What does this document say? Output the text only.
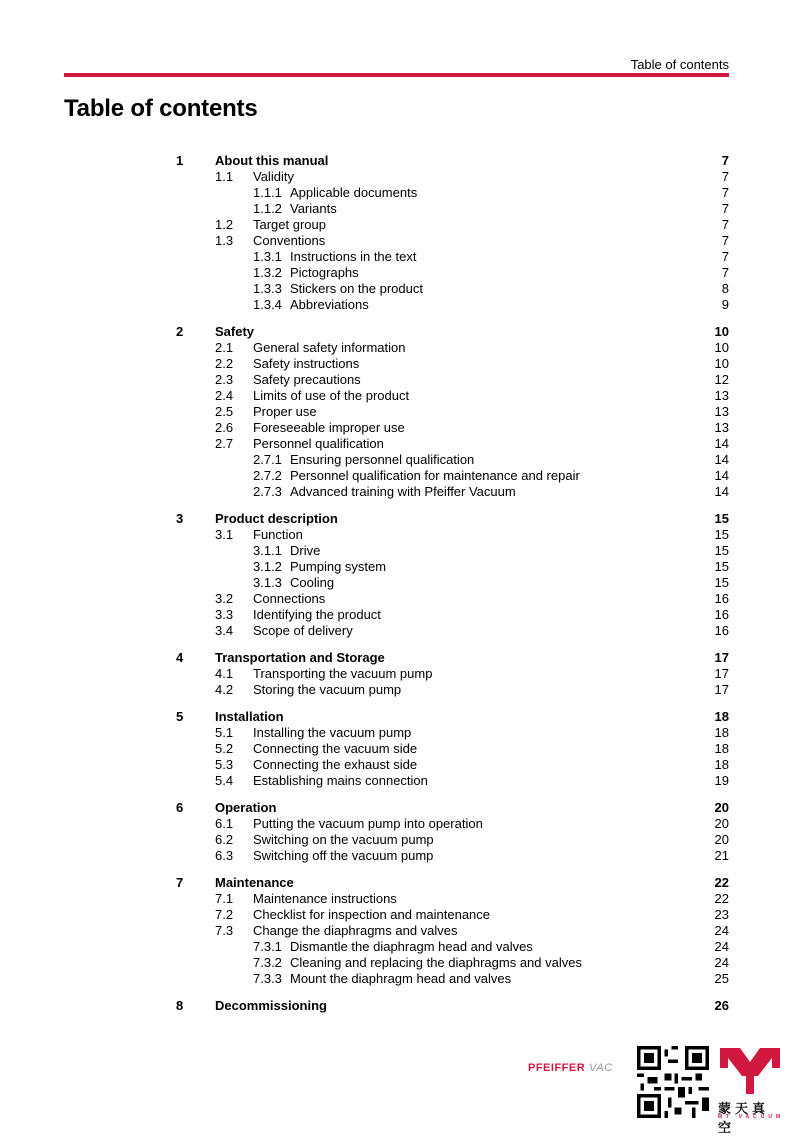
Table of contents
Table of contents
1 About this manual	7
1.1 Validity	7
1.1.1 Applicable documents	7
1.1.2 Variants	7
1.2 Target group	7
1.3 Conventions	7
1.3.1 Instructions in the text	7
1.3.2 Pictographs	7
1.3.3 Stickers on the product	8
1.3.4 Abbreviations	9
2 Safety	10
2.1 General safety information	10
2.2 Safety instructions	10
2.3 Safety precautions	12
2.4 Limits of use of the product	13
2.5 Proper use	13
2.6 Foreseeable improper use	13
2.7 Personnel qualification	14
2.7.1 Ensuring personnel qualification	14
2.7.2 Personnel qualification for maintenance and repair	14
2.7.3 Advanced training with Pfeiffer Vacuum	14
3 Product description	15
3.1 Function	15
3.1.1 Drive	15
3.1.2 Pumping system	15
3.1.3 Cooling	15
3.2 Connections	16
3.3 Identifying the product	16
3.4 Scope of delivery	16
4 Transportation and Storage	17
4.1 Transporting the vacuum pump	17
4.2 Storing the vacuum pump	17
5 Installation	18
5.1 Installing the vacuum pump	18
5.2 Connecting the vacuum side	18
5.3 Connecting the exhaust side	18
5.4 Establishing mains connection	19
6 Operation	20
6.1 Putting the vacuum pump into operation	20
6.2 Switching on the vacuum pump	20
6.3 Switching off the vacuum pump	21
7 Maintenance	22
7.1 Maintenance instructions	22
7.2 Checklist for inspection and maintenance	23
7.3 Change the diaphragms and valves	24
7.3.1 Dismantle the diaphragm head and valves	24
7.3.2 Cleaning and replacing the diaphragms and valves	24
7.3.3 Mount the diaphragm head and valves	25
8 Decommissioning	26
PFEIFFER VAC
蒙天真空
MT VACUUM
